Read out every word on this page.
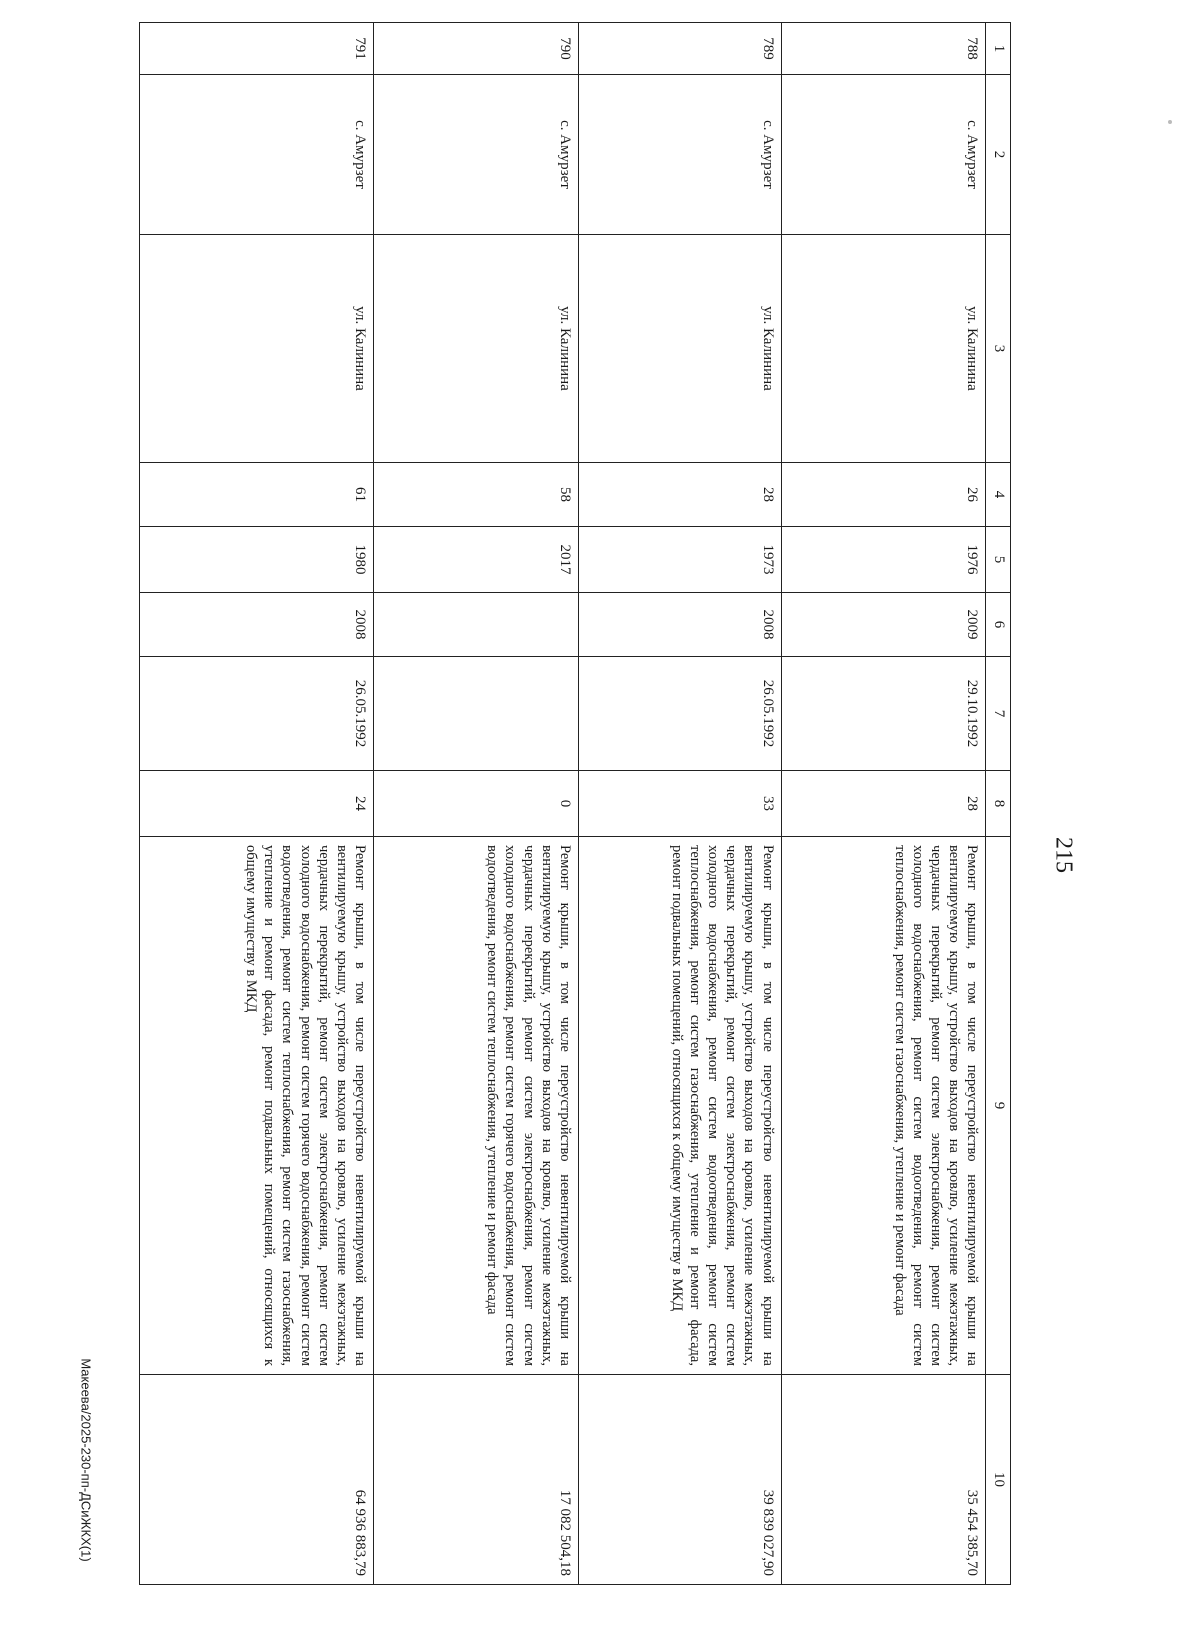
215
1	2	3	4	5	6	7	8	9	10
788	с. Амурзет	ул. Калинина	26	1976	2009	29.10.1992	28	Ремонт крыши, в том числе переустройство невентилируемой крыши на вентилируемую крышу, устройство выходов на кровлю, усиление межэтажных, чердачных перекрытий, ремонт систем электроснабжения, ремонт систем холодного водоснабжения, ремонт систем водоотведения, ремонт систем теплоснабжения, ремонт систем газоснабжения, утепление и ремонт фасада	35 454 385,70
789	с. Амурзет	ул. Калинина	28	1973	2008	26.05.1992	33	Ремонт крыши, в том числе переустройство невентилируемой крыши на вентилируемую крышу, устройство выходов на кровлю, усиление межэтажных, чердачных перекрытий, ремонт систем электроснабжения, ремонт систем холодного водоснабжения, ремонт систем водоотведения, ремонт систем теплоснабжения, ремонт систем газоснабжения, утепление и ремонт фасада, ремонт подвальных помещений, относящихся к общему имуществу в МКД	39 839 027,90
790	с. Амурзет	ул. Калинина	58	2017			0	Ремонт крыши, в том числе переустройство невентилируемой крыши на вентилируемую крышу, устройство выходов на кровлю, усиление межэтажных, чердачных перекрытий, ремонт систем электроснабжения, ремонт систем холодного водоснабжения, ремонт систем горячего водоснабжения, ремонт систем водоотведения, ремонт систем теплоснабжения, утепление и ремонт фасада	17 082 504,18
791	с. Амурзет	ул. Калинина	61	1980	2008	26.05.1992	24	Ремонт крыши, в том числе переустройство невентилируемой крыши на вентилируемую крышу, устройство выходов на кровлю, усиление межэтажных, чердачных перекрытий, ремонт систем электроснабжения, ремонт систем холодного водоснабжения, ремонт систем горячего водоснабжения, ремонт систем водоотведения, ремонт систем теплоснабжения, ремонт систем газоснабжения, утепление и ремонт фасада, ремонт подвальных помещений, относящихся к общему имуществу в МКД	64 936 883,79
Макеева/2025-230-пп-ДСиЖКХ(1)
